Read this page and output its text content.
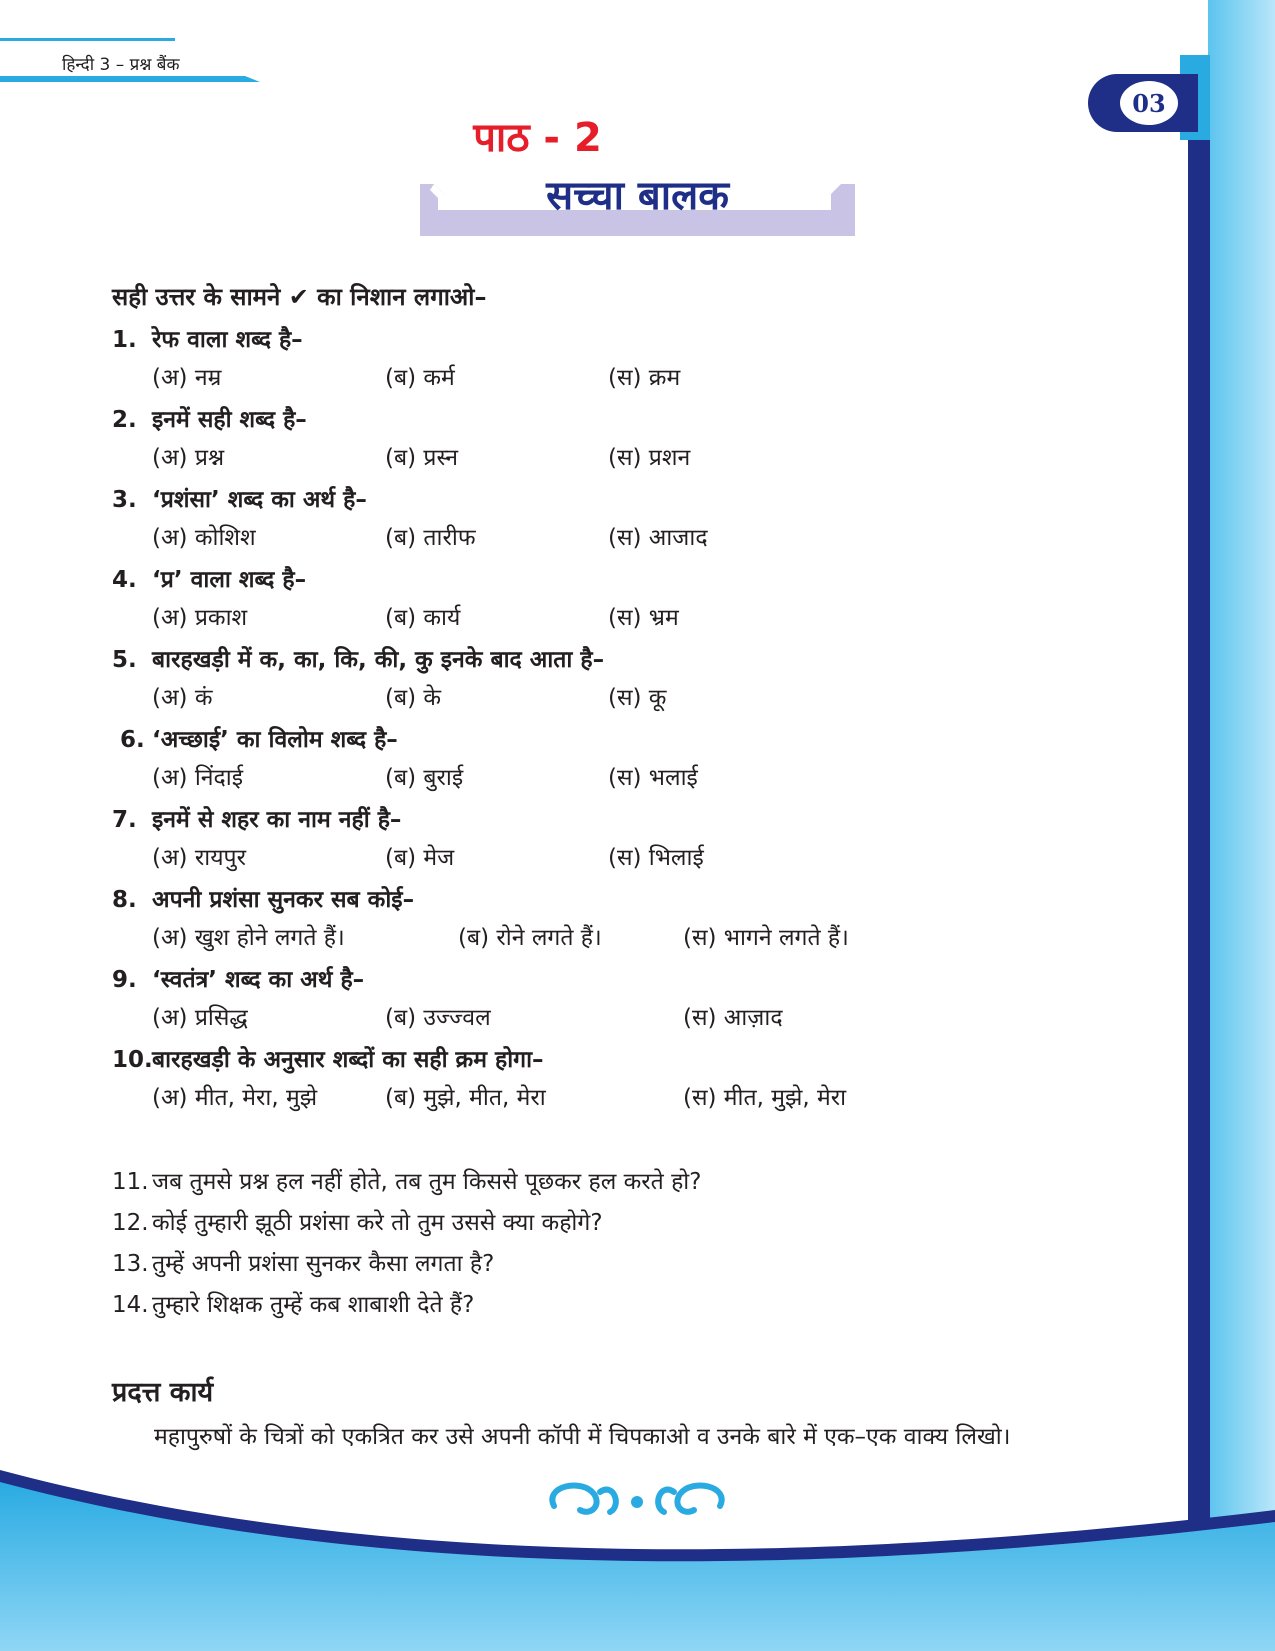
हिन्दी 3 – प्रश्न बैंक
03
पाठ - 2
सच्चा बालक
सही उत्तर के सामने ✔ का निशान लगाओ–
1. रेफ वाला शब्द है–
(अ) नम्र	(ब) कर्म	(स) क्रम
2. इनमें सही शब्द है–
(अ) प्रश्न	(ब) प्रस्न	(स) प्रशन
3. ‘प्रशंसा’ शब्द का अर्थ है–
(अ) कोशिश	(ब) तारीफ	(स) आजाद
4. ‘प्र’ वाला शब्द है–
(अ) प्रकाश	(ब) कार्य	(स) भ्रम
5. बारहखड़ी में क, का, कि, की, कु इनके बाद आता है–
(अ) कं	(ब) के	(स) कू
6. ‘अच्छाई’ का विलोम शब्द है–
(अ) निंदाई	(ब) बुराई	(स) भलाई
7. इनमें से शहर का नाम नहीं है–
(अ) रायपुर	(ब) मेज	(स) भिलाई
8. अपनी प्रशंसा सुनकर सब कोई–
(अ) खुश होने लगते हैं।	(ब) रोने लगते हैं।	(स) भागने लगते हैं।
9. ‘स्वतंत्र’ शब्द का अर्थ है–
(अ) प्रसिद्ध	(ब) उज्ज्वल	(स) आज़ाद
10.बारहखड़ी के अनुसार शब्दों का सही क्रम होगा–
(अ) मीत, मेरा, मुझे	(ब) मुझे, मीत, मेरा	(स) मीत, मुझे, मेरा
11. जब तुमसे प्रश्न हल नहीं होते, तब तुम किससे पूछकर हल करते हो?
12. कोई तुम्हारी झूठी प्रशंसा करे तो तुम उससे क्या कहोगे?
13. तुम्हें अपनी प्रशंसा सुनकर कैसा लगता है?
14. तुम्हारे शिक्षक तुम्हें कब शाबाशी देते हैं?
प्रदत्त कार्य
महापुरुषों के चित्रों को एकत्रित कर उसे अपनी कॉपी में चिपकाओ व उनके बारे में एक–एक वाक्य लिखो।
